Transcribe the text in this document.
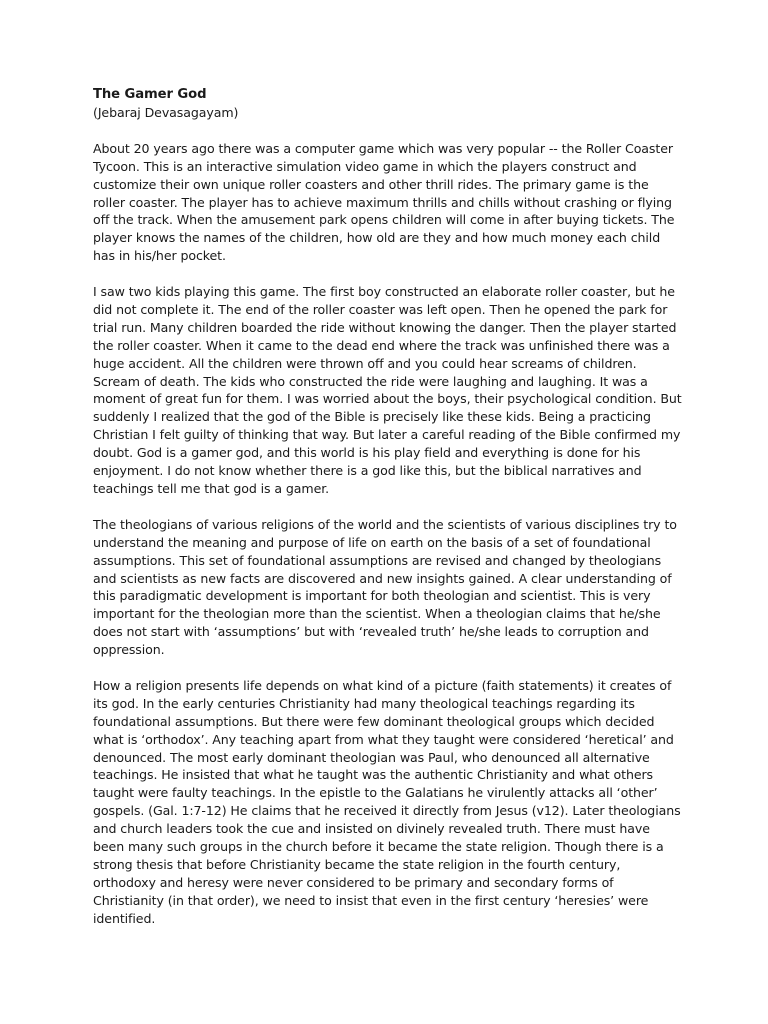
The Gamer God

(Jebaraj Devasagayam)

About 20 years ago there was a computer game which was very popular -- the Roller Coaster Tycoon. This is an interactive simulation video game in which the players construct and customize their own unique roller coasters and other thrill rides. The primary game is the roller coaster. The player has to achieve maximum thrills and chills without crashing or flying off the track. When the amusement park opens children will come in after buying tickets. The player knows the names of the children, how old are they and how much money each child has in his/her pocket.

I saw two kids playing this game. The first boy constructed an elaborate roller coaster, but he did not complete it. The end of the roller coaster was left open. Then he opened the park for trial run. Many children boarded the ride without knowing the danger. Then the player started the roller coaster. When it came to the dead end where the track was unfinished there was a huge accident. All the children were thrown off and you could hear screams of children. Scream of death. The kids who constructed the ride were laughing and laughing. It was a moment of great fun for them. I was worried about the boys, their psychological condition. But suddenly I realized that the god of the Bible is precisely like these kids. Being a practicing Christian I felt guilty of thinking that way. But later a careful reading of the Bible confirmed my doubt. God is a gamer god, and this world is his play field and everything is done for his enjoyment. I do not know whether there is a god like this, but the biblical narratives and teachings tell me that god is a gamer.

The theologians of various religions of the world and the scientists of various disciplines try to understand the meaning and purpose of life on earth on the basis of a set of foundational assumptions. This set of foundational assumptions are revised and changed by theologians and scientists as new facts are discovered and new insights gained. A clear understanding of this paradigmatic development is important for both theologian and scientist. This is very important for the theologian more than the scientist. When a theologian claims that he/she does not start with ‘assumptions’ but with ‘revealed truth’ he/she leads to corruption and oppression.

How a religion presents life depends on what kind of a picture (faith statements) it creates of its god. In the early centuries Christianity had many theological teachings regarding its foundational assumptions. But there were few dominant theological groups which decided what is ‘orthodox’. Any teaching apart from what they taught were considered ‘heretical’ and denounced. The most early dominant theologian was Paul, who denounced all alternative teachings. He insisted that what he taught was the authentic Christianity and what others taught were faulty teachings. In the epistle to the Galatians he virulently attacks all ‘other’ gospels. (Gal. 1:7-12) He claims that he received it directly from Jesus (v12). Later theologians and church leaders took the cue and insisted on divinely revealed truth. There must have been many such groups in the church before it became the state religion. Though there is a strong thesis that before Christianity became the state religion in the fourth century, orthodoxy and heresy were never considered to be primary and secondary forms of Christianity (in that order), we need to insist that even in the first century ‘heresies’ were identified.
